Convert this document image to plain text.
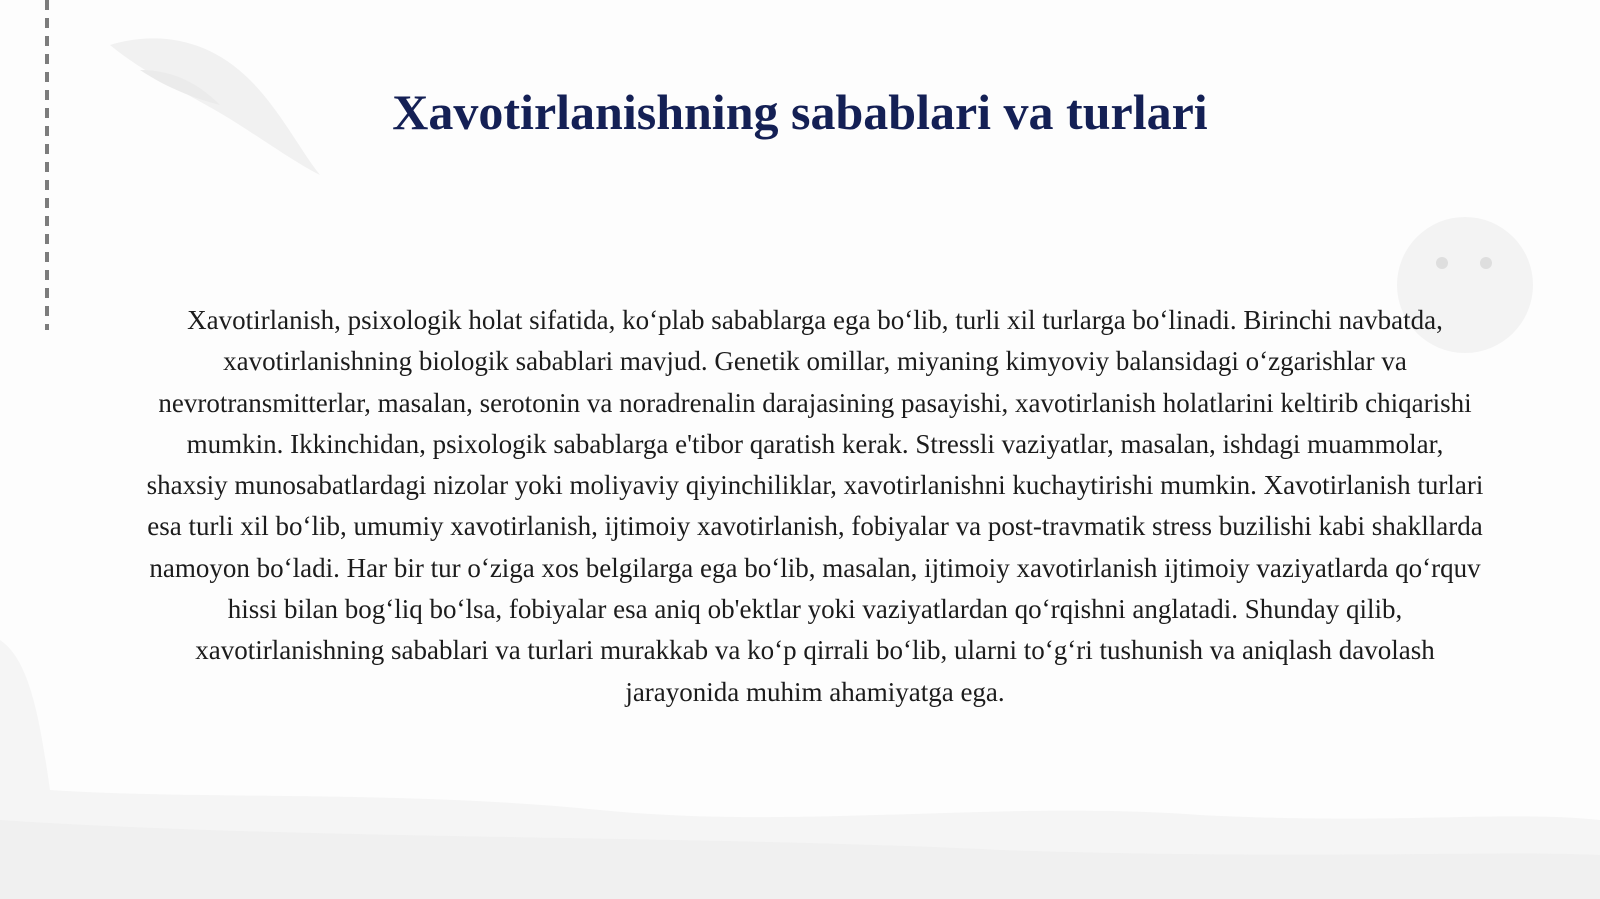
Xavotirlanishning sabablari va turlari

Xavotirlanish, psixologik holat sifatida, ko‘plab sabablarga ega bo‘lib, turli xil turlarga bo‘linadi. Birinchi navbatda, xavotirlanishning biologik sabablari mavjud. Genetik omillar, miyaning kimyoviy balansidagi o‘zgarishlar va nevrotransmitterlar, masalan, serotonin va noradrenalin darajasining pasayishi, xavotirlanish holatlarini keltirib chiqarishi mumkin. Ikkinchidan, psixologik sabablarga e'tibor qaratish kerak. Stressli vaziyatlar, masalan, ishdagi muammolar, shaxsiy munosabatlardagi nizolar yoki moliyaviy qiyinchiliklar, xavotirlanishni kuchaytirishi mumkin. Xavotirlanish turlari esa turli xil bo‘lib, umumiy xavotirlanish, ijtimoiy xavotirlanish, fobiyalar va post-travmatik stress buzilishi kabi shakllarda namoyon bo‘ladi. Har bir tur o‘ziga xos belgilarga ega bo‘lib, masalan, ijtimoiy xavotirlanish ijtimoiy vaziyatlarda qo‘rquv hissi bilan bog‘liq bo‘lsa, fobiyalar esa aniq ob'ektlar yoki vaziyatlardan qo‘rqishni anglatadi. Shunday qilib, xavotirlanishning sabablari va turlari murakkab va ko‘p qirrali bo‘lib, ularni to‘g‘ri tushunish va aniqlash davolash jarayonida muhim ahamiyatga ega.
